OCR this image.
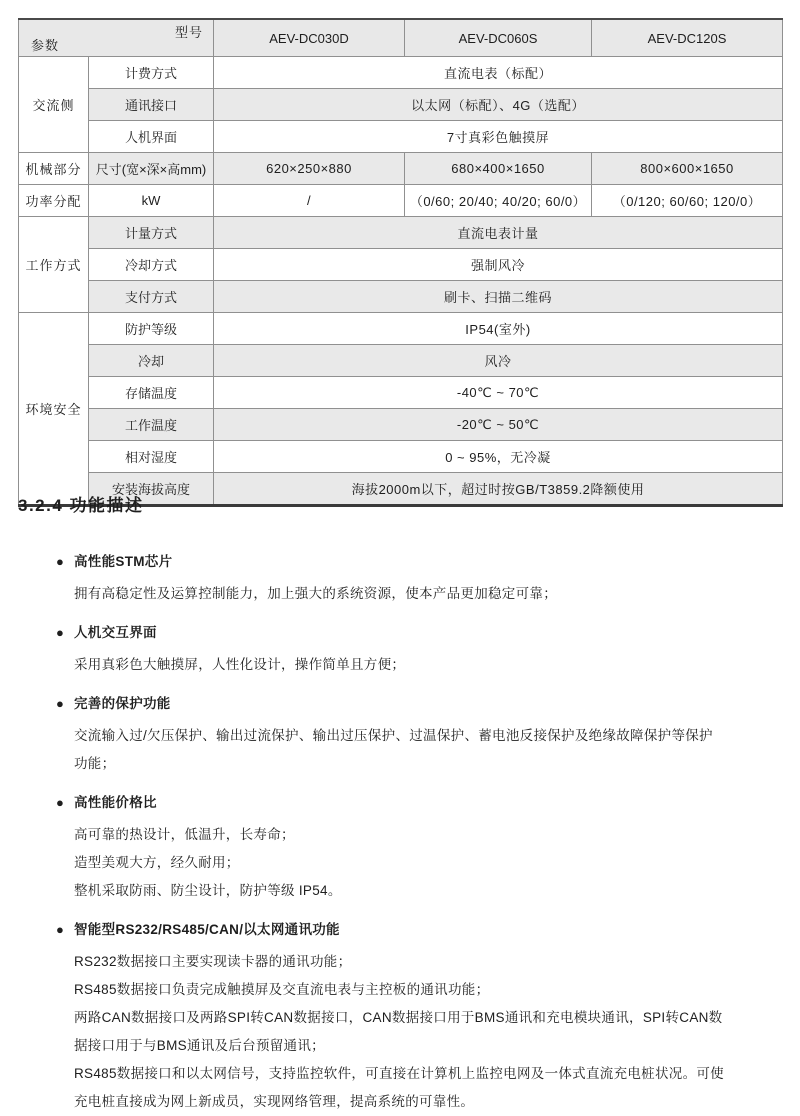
型号
参数		AEV-DC030D	AEV-DC060S	AEV-DC120S
交流侧	计费方式	直流电表（标配）		
	通讯接口	以太网（标配）、4G（选配）		
	人机界面	7寸真彩色触摸屏		
机械部分	尺寸(宽×深×高mm)	620×250×880	680×400×1650	800×600×1650
功率分配	kW	/	（0/60; 20/40; 40/20; 60/0）	（0/120; 60/60; 120/0）
工作方式	计量方式	直流电表计量		
	冷却方式	强制风冷		
	支付方式	刷卡、扫描二维码		
环境安全	防护等级	IP54(室外)		
	冷却	风冷		
	存储温度	-40℃ ~ 70℃		
	工作温度	-20℃ ~ 50℃		
	相对湿度	0 ~ 95%，无冷凝		
	安装海拔高度	海拔2000m以下，超过时按GB/T3859.2降额使用		
3.2.4 功能描述
● 高性能STM芯片
拥有高稳定性及运算控制能力，加上强大的系统资源，使本产品更加稳定可靠；
● 人机交互界面
采用真彩色大触摸屏，人性化设计，操作简单且方便；
● 完善的保护功能
交流输入过/欠压保护、输出过流保护、输出过压保护、过温保护、蓄电池反接保护及绝缘故障保护等保护功能；
● 高性能价格比
高可靠的热设计，低温升，长寿命；
造型美观大方，经久耐用；
整机采取防雨、防尘设计，防护等级 IP54。
● 智能型RS232/RS485/CAN/以太网通讯功能
RS232数据接口主要实现读卡器的通讯功能；
RS485数据接口负责完成触摸屏及交直流电表与主控板的通讯功能；
两路CAN数据接口及两路SPI转CAN数据接口，CAN数据接口用于BMS通讯和充电模块通讯，SPI转CAN数据接口用于与BMS通讯及后台预留通讯；
RS485数据接口和以太网信号，支持监控软件，可直接在计算机上监控电网及一体式直流充电桩状况。可使充电桩直接成为网上新成员，实现网络管理，提高系统的可靠性。
